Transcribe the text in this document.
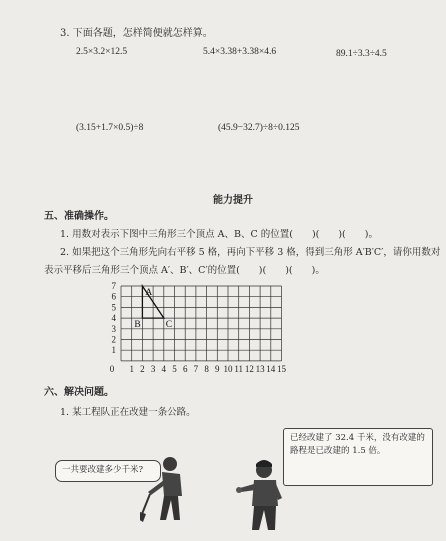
3. 下面各题，怎样简便就怎样算。
2.5×3.2×12.5	5.4×3.38+3.38×4.6	89.1÷3.3÷4.5
(3.15+1.7×0.5)÷8	(45.9−32.7)÷8÷0.125
能力提升
五、准确操作。
1. 用数对表示下图中三角形三个顶点 A、B、C 的位置(　　)(　　)(　　)。
2. 如果把这个三角形先向右平移 5 格，再向下平移 3 格，得到三角形 A′B′C′，请你用数对
表示平移后三角形三个顶点 A′、B′、C′的位置(　　)(　　)(　　)。
0 1 2 3 4 5 6 7 8 9 10 11 12 13 14 15
1
2
3
4
5
6
7
A
B	C
六、解决问题。
1. 某工程队正在改建一条公路。
一共要改建多少千米?
已经改建了 32.4 千米，没有改建的路程是已改建的 1.5 倍。
